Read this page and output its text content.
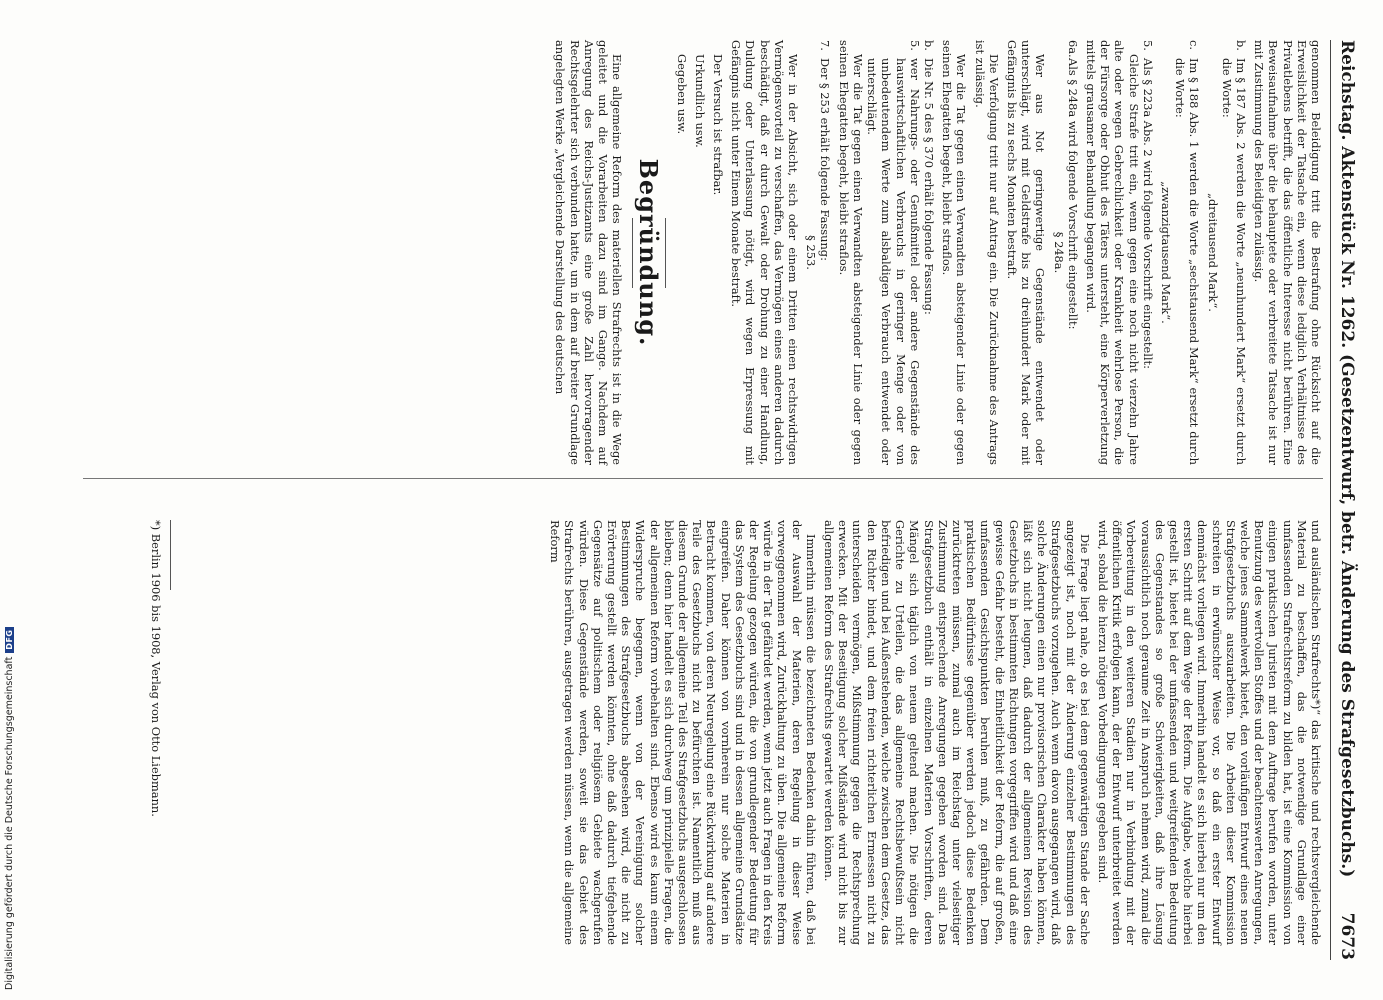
Reichstag. Aktenstück Nr. 1262. (Gesetzentwurf, betr. Änderung des Strafgesetzbuchs.)
7673

genommen Beleidigung tritt die Bestrafung ohne Rücksicht auf die Erweislichkeit der Tatsache ein, wenn diese lediglich Verhältnisse des Privatlebens betrifft, die das öffentliche Interesse nicht berühren. Eine Beweisaufnahme über die behauptete oder verbreitete Tatsache ist nur mit Zustimmung des Beleidigten zulässig.

b.
Im § 187 Abs. 2 werden die Worte „neunhundert Mark“ ersetzt durch die Worte:

„dreitausend Mark“.

c.
Im § 188 Abs. 1 werden die Worte „sechstausend Mark“ ersetzt durch die Worte:

„zwanzigtausend Mark“.

5.
Als § 223a Abs. 2 wird folgende Vorschrift eingestellt:

Gleiche Strafe tritt ein, wenn gegen eine noch nicht vierzehn Jahre alte oder wegen Gebrechlichkeit oder Krankheit wehrlose Person, die der Fürsorge oder Obhut des Täters untersteht, eine Körperverletzung mittels grausamer Behandlung begangen wird.

6a.
Als § 248a wird folgende Vorschrift eingestellt:

§ 248a.

Wer aus Not geringwertige Gegenstände entwendet oder unterschlägt, wird mit Geldstrafe bis zu dreihundert Mark oder mit Gefängnis bis zu sechs Monaten bestraft.

Die Verfolgung tritt nur auf Antrag ein. Die Zurücknahme des Antrags ist zulässig.

Wer die Tat gegen einen Verwandten absteigender Linie oder gegen seinen Ehegatten begeht, bleibt straflos.

b.
Die Nr. 5 des § 370 erhält folgende Fassung:
5.
wer Nahrungs- oder Genußmittel oder andere Gegenstände des hauswirtschaftlichen Verbrauchs in geringer Menge oder von unbedeutendem Werte zum alsbaldigen Verbrauch entwendet oder unterschlägt.

Wer die Tat gegen einen Verwandten absteigender Linie oder gegen seinen Ehegatten begeht, bleibt straflos.

7.
Der § 253 erhält folgende Fassung:

§ 253.

Wer in der Absicht, sich oder einem Dritten einen rechtswidrigen Vermögensvorteil zu verschaffen, das Vermögen eines anderen dadurch beschädigt, daß er durch Gewalt oder Drohung zu einer Handlung, Duldung oder Unterlassung nötigt, wird wegen Erpressung mit Gefängnis nicht unter Einem Monate bestraft.

Der Versuch ist strafbar.

Urkundlich usw.

Gegeben usw.

Begründung.

Eine allgemeine Reform des materiellen Strafrechts ist in die Wege geleitet und die Vorarbeiten dazu sind im Gange. Nachdem auf Anregung des Reichs-Justizamts eine große Zahl hervorragender Rechtsgelehrter sich verbunden hatte, um in dem auf breiter Grundlage angelegten Werke „Vergleichende Darstellung des deutschen

und ausländischen Strafrechts*)“ das kritische und rechtsvergleichende Material zu beschaffen, das die notwendige Grundlage einer umfassenden Strafrechtsreform zu bilden hat, ist eine Kommission von einigen praktischen Juristen mit dem Auftrage berufen worden, unter Benutzung des wertvollen Stoffes und der beachtenswerten Anregungen, welche jenes Sammelwerk bietet, den vorläufigen Entwurf eines neuen Strafgesetzbuchs auszuarbeiten. Die Arbeiten dieser Kommission schreiten in erwünschter Weise vor, so daß ein erster Entwurf demnächst vorliegen wird. Immerhin handelt es sich hierbei nur um den ersten Schritt auf dem Wege der Reform. Die Aufgabe, welche hierbei gestellt ist, bietet bei der umfassenden und weitgreifenden Bedeutung des Gegenstandes so große Schwierigkeiten, daß ihre Lösung voraussichtlich noch geraume Zeit in Anspruch nehmen wird, zumal die Vorbereitung in den weiteren Stadien nur in Verbindung mit der öffentlichen Kritik erfolgen kann, der der Entwurf unterbreitet werden wird, sobald die hierzu nötigen Vorbedingungen gegeben sind.

Die Frage liegt nahe, ob es bei dem gegenwärtigen Stande der Sache angezeigt ist, noch mit der Änderung einzelner Bestimmungen des Strafgesetzbuchs vorzugehen. Auch wenn davon ausgegangen wird, daß solche Änderungen einen nur provisorischen Charakter haben können, läßt sich nicht leugnen, daß dadurch der allgemeinen Revision des Gesetzbuchs in bestimmten Richtungen vorgegriffen wird und daß eine gewisse Gefahr besteht, die Einheitlichkeit der Reform, die auf großen, umfassenden Gesichtspunkten beruhen muß, zu gefährden. Dem praktischen Bedürfnisse gegenüber werden jedoch diese Bedenken zurücktreten müssen, zumal auch im Reichstag unter vielseitiger Zustimmung entsprechende Anregungen gegeben worden sind. Das Strafgesetzbuch enthält in einzelnen Materien Vorschriften, deren Mängel sich täglich von neuem geltend machen. Die nötigen die Gerichte zu Urteilen, die das allgemeine Rechtsbewußtsein nicht befriedigen und bei Außenstehenden, welche zwischen dem Gesetze, das den Richter bindet, und dem freien richterlichen Ermessen nicht zu unterscheiden vermögen, Mißstimmung gegen die Rechtsprechung erwecken. Mit der Beseitigung solcher Mißstände wird nicht bis zur allgemeinen Reform des Strafrechts gewartet werden können.

Immerhin müssen die bezeichneten Bedenken dahin führen, daß bei der Auswahl der Materien, deren Regelung in dieser Weise vorweggenommen wird, Zurückhaltung zu üben. Die allgemeine Reform würde in der Tat gefährdet werden, wenn jetzt auch Fragen in den Kreis der Regelung gezogen würden, die von grundlegender Bedeutung für das System des Gesetzbuchs sind und in dessen allgemeine Grundsätze eingreifen. Daher können von vornherein nur solche Materien in Betracht kommen, von deren Neuregelung eine Rückwirkung auf andere Teile des Gesetzbuchs nicht zu befürchten ist. Namentlich muß aus diesem Grunde der allgemeine Teil des Strafgesetzbuchs ausgeschlossen bleiben; denn hier handelt es sich durchweg um prinzipielle Fragen, die der allgemeinen Reform vorbehalten sind. Ebenso wird es kaum einem Widerspruche begegnen, wenn von der Vereinigung solcher Bestimmungen des Strafgesetzbuchs abgesehen wird, die nicht zu Erörterung gestellt werden könnten, ohne daß dadurch tiefgehende Gegensätze auf politischem oder religiösem Gebiete wachgerufen würden. Diese Gegenstände werden, soweit sie das Gebiet des Strafrechts berühren, ausgetragen werden müssen, wenn die allgemeine Reform

*) Berlin 1906 bis 1908, Verlag von Otto Liebmann.
Digitalisierung gefördert durch die Deutsche ForschungsgemeinschaftDFG
